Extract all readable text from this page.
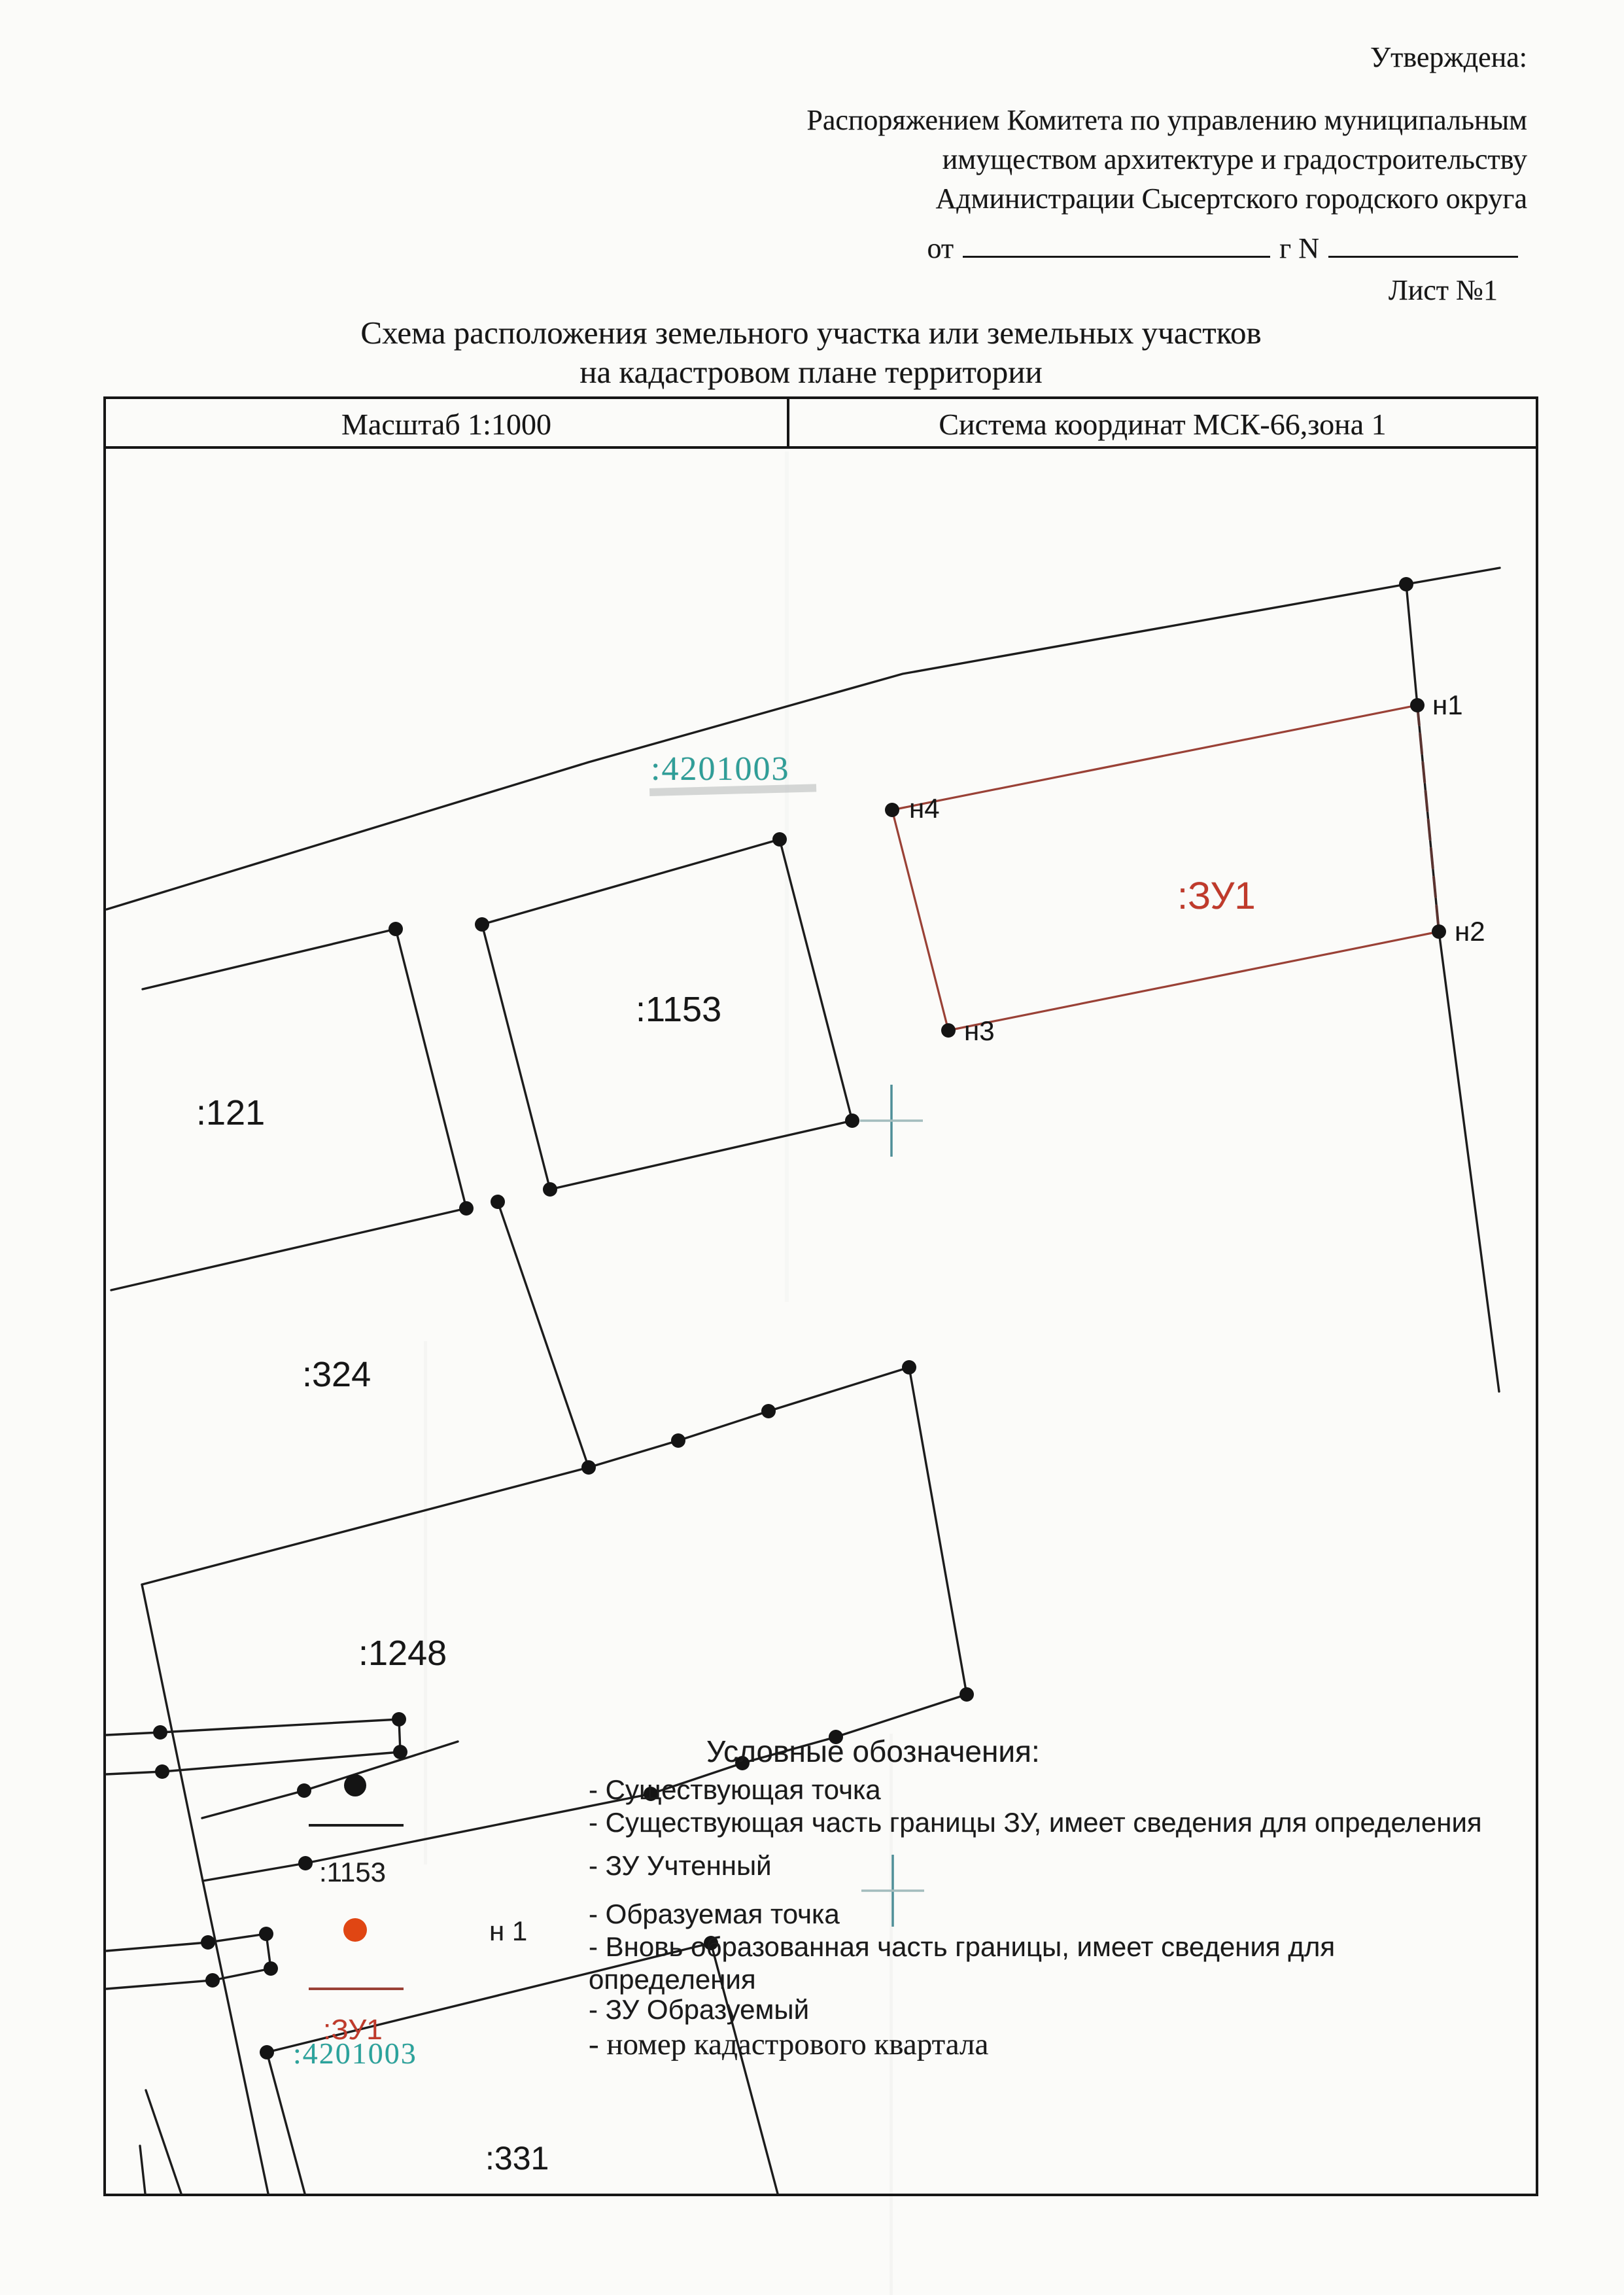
Утверждена:
Распоряжением Комитета по управлению муниципальным
имуществом архитектуре и градостроительству
Администрации Сысертского городского округа
от	г N
Лист №1
Схема расположения земельного участка или земельных участков
на кадастровом плане территории
Масштаб 1:1000	Система координат МСК-66,зона 1
:4201003
н4
н1
н2
н3
:ЗУ1
:1153
:121
:324
:1248
:331
Условные обозначения:
- Существующая точка
- Существующая часть границы ЗУ, имеет сведения для определения
- ЗУ Учтенный
- Образуемая точка
- Вновь образованная часть границы, имеет сведения для
определения
- ЗУ Образуемый
- номер кадастрового квартала
:1153
н 1
:ЗУ1
:4201003
